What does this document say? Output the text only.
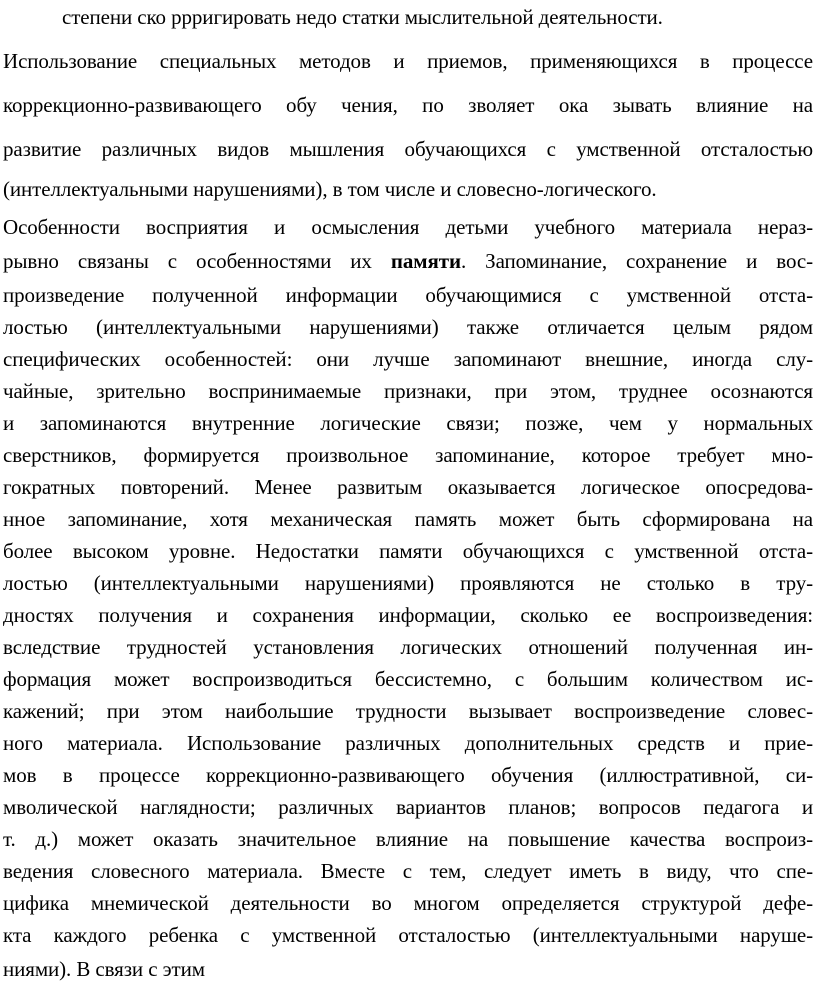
степени ско ррригировать недо статки мыслительной деятельности.
Использование специальных методов и приемов, применяющихся в процессе
коррекционно-развивающего обу чения, по зволяет ока зывать влияние на
развитие различных видов мышления обучающихся с умственной отсталостью
(интеллектуальными нарушениями), в том числе и словесно-логического.
Особенности восприятия и осмысления детьми учебного материала нераз-
рывно связаны с особенностями их памяти. Запоминание, сохранение и вос-
произведение полученной информации обучающимися с умственной отста-
лостью (интеллектуальными нарушениями) также отличается целым рядом
специфических особенностей: они лучше запоминают внешние, иногда слу-
чайные, зрительно воспринимаемые признаки, при этом, труднее осознаются
и запоминаются внутренние логические связи; позже, чем у нормальных
сверстников, формируется произвольное запоминание, которое требует мно-
гократных повторений. Менее развитым оказывается логическое опосредова-
нное запоминание, хотя механическая память может быть сформирована на
более высоком уровне. Недостатки памяти обучающихся с умственной отста-
лостью (интеллектуальными нарушениями) проявляются не столько в тру-
дностях получения и сохранения информации, сколько ее воспроизведения:
вследствие трудностей установления логических отношений полученная ин-
формация может воспроизводиться бессистемно, с большим количеством ис-
кажений; при этом наибольшие трудности вызывает воспроизведение словес-
ного материала. Использование различных дополнительных средств и прие-
мов в процессе коррекционно-развивающего обучения (иллюстративной, си-
мволической наглядности; различных вариантов планов; вопросов педагога и
т. д.) может оказать значительное влияние на повышение качества воспроиз-
ведения словесного материала. Вместе с тем, следует иметь в виду, что спе-
цифика мнемической деятельности во многом определяется структурой дефе-
кта каждого ребенка с умственной отсталостью (интеллектуальными наруше-
ниями). В связи с этим
